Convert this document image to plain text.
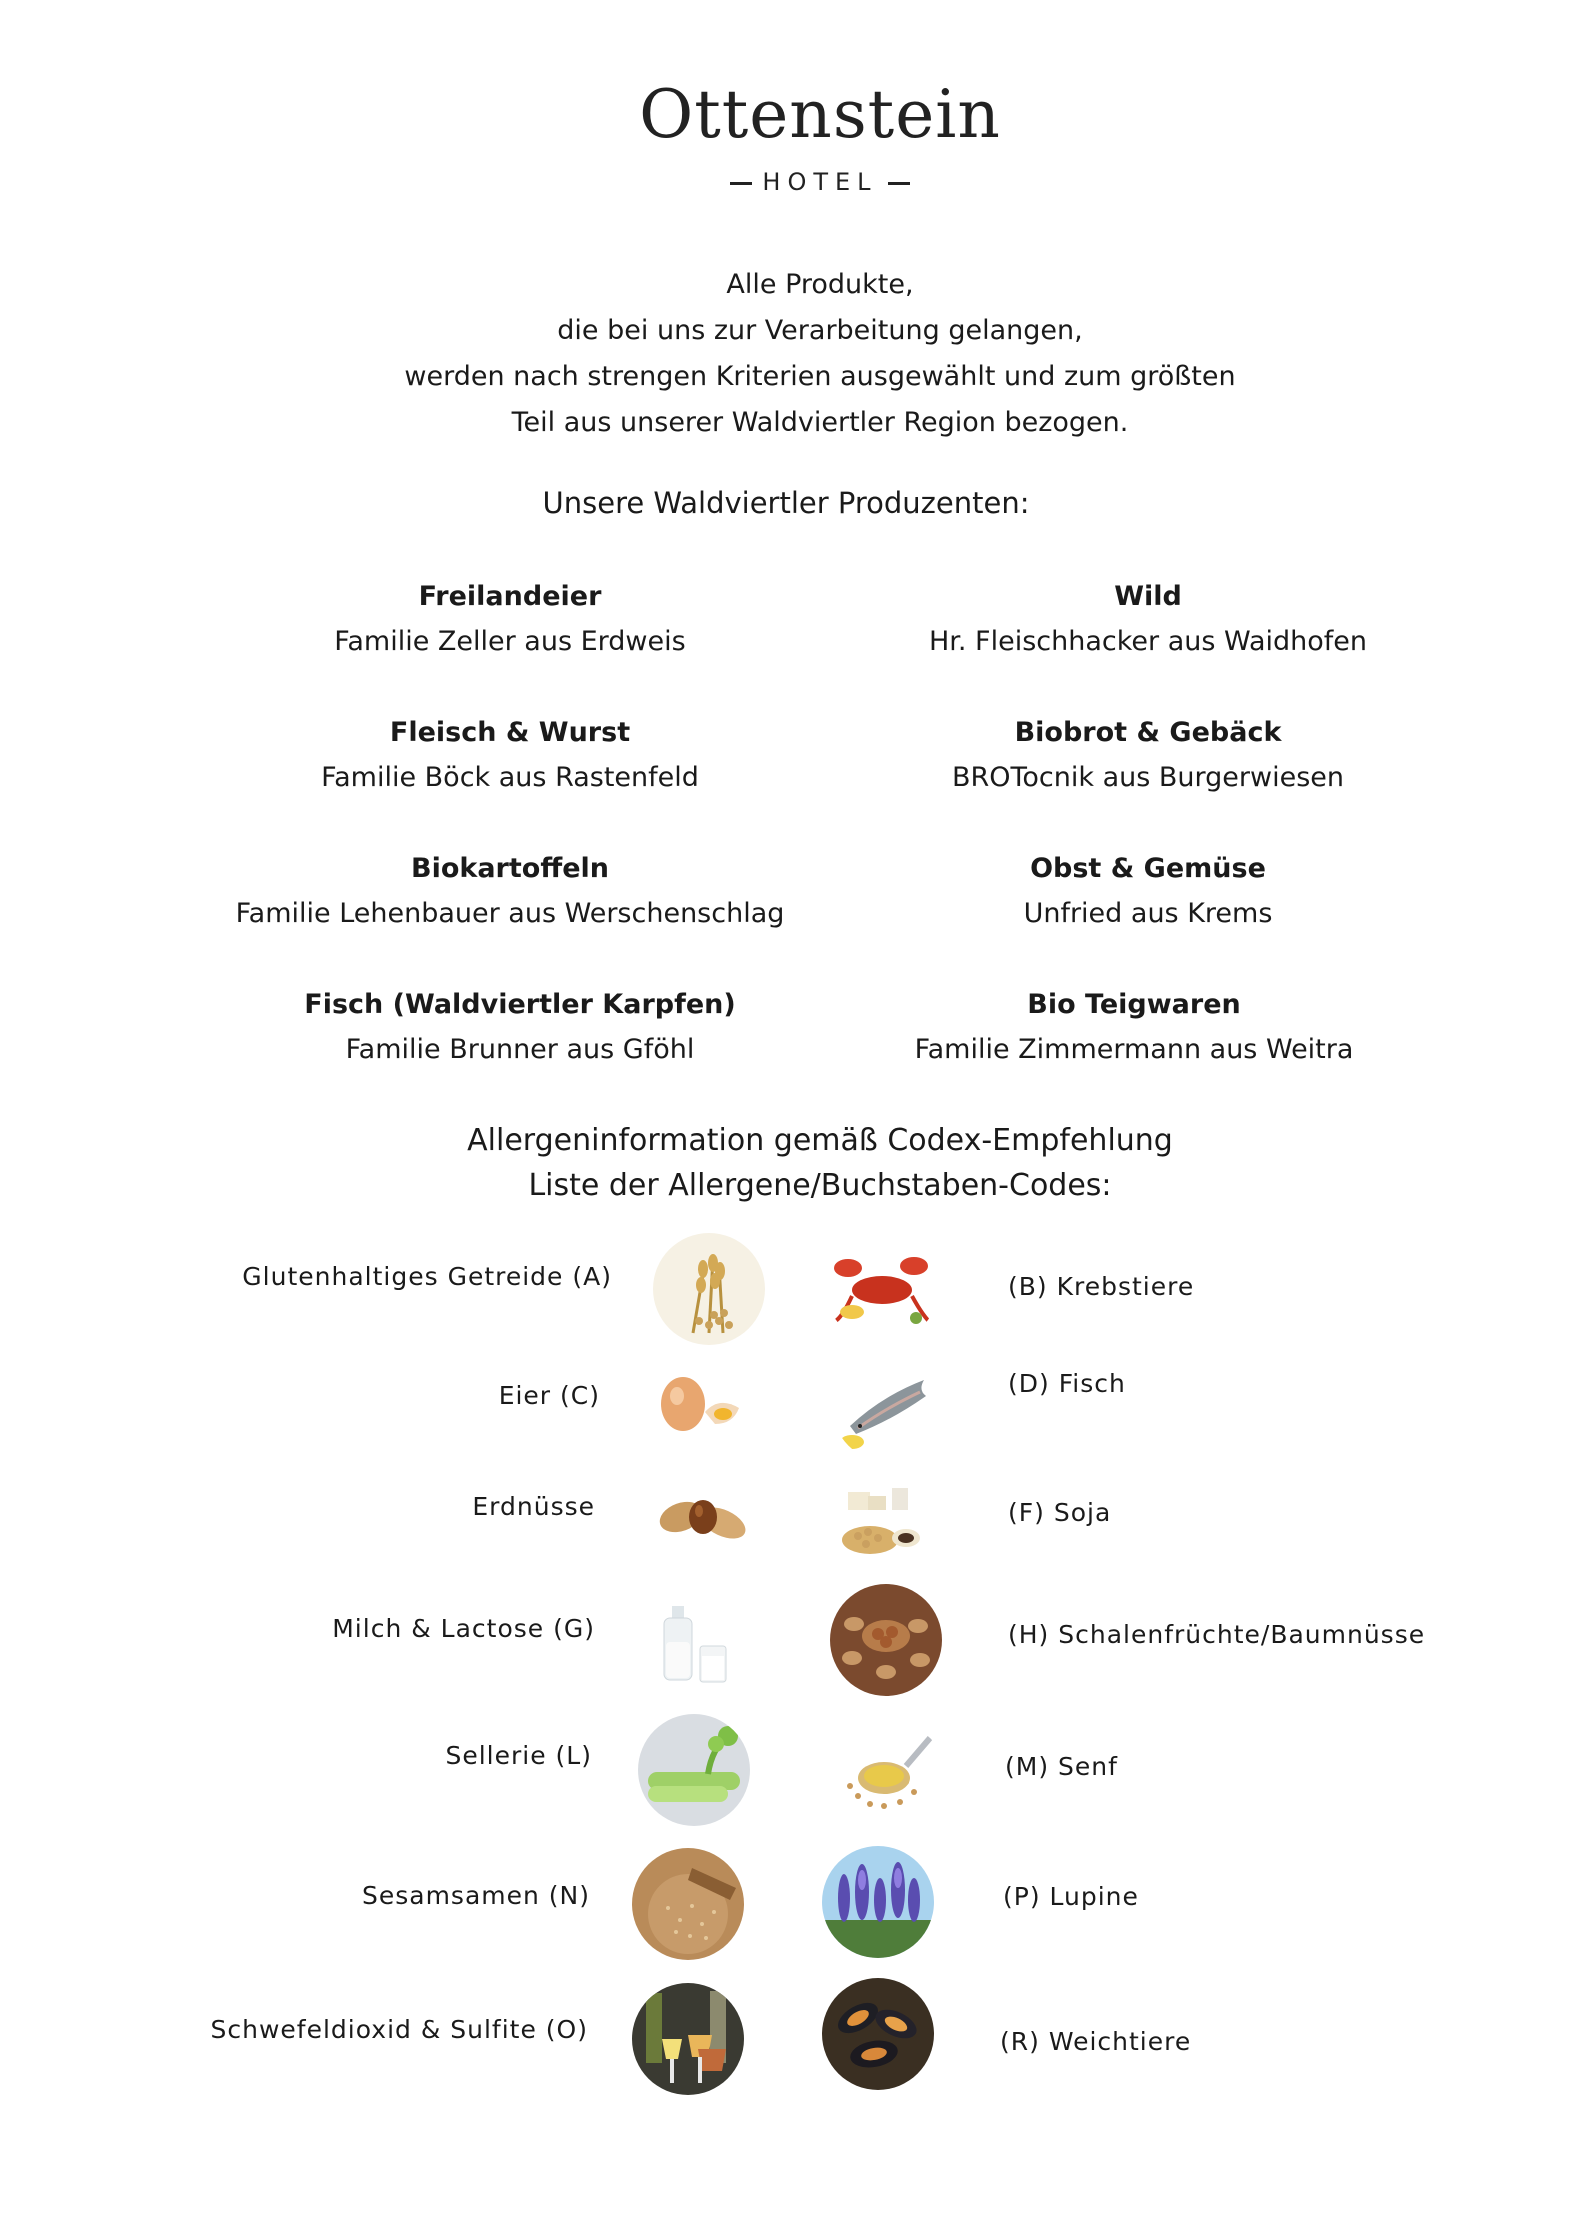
Ottenstein
HOTEL
Alle Produkte,
die bei uns zur Verarbeitung gelangen,
werden nach strengen Kriterien ausgewählt und zum größten
Teil aus unserer Waldviertler Region bezogen.
Unsere Waldviertler Produzenten:
Freilandeier
Familie Zeller aus Erdweis
Wild
Hr. Fleischhacker aus Waidhofen
Fleisch & Wurst
Familie Böck aus Rastenfeld
Biobrot & Gebäck
BROTocnik aus Burgerwiesen
Biokartoffeln
Familie Lehenbauer aus Werschenschlag
Obst & Gemüse
Unfried aus Krems
Fisch (Waldviertler Karpfen)
Familie Brunner aus Gföhl
Bio Teigwaren
Familie Zimmermann aus Weitra
Allergeninformation gemäß Codex-Empfehlung
Liste der Allergene/Buchstaben-Codes:
Glutenhaltiges Getreide (A)
Eier (C)
Erdnüsse
Milch & Lactose (G)
Sellerie (L)
Sesamsamen (N)
Schwefeldioxid & Sulfite (O)
(B) Krebstiere
(D) Fisch
(F) Soja
(H) Schalenfrüchte/Baumnüsse
(M) Senf
(P) Lupine
(R) Weichtiere
